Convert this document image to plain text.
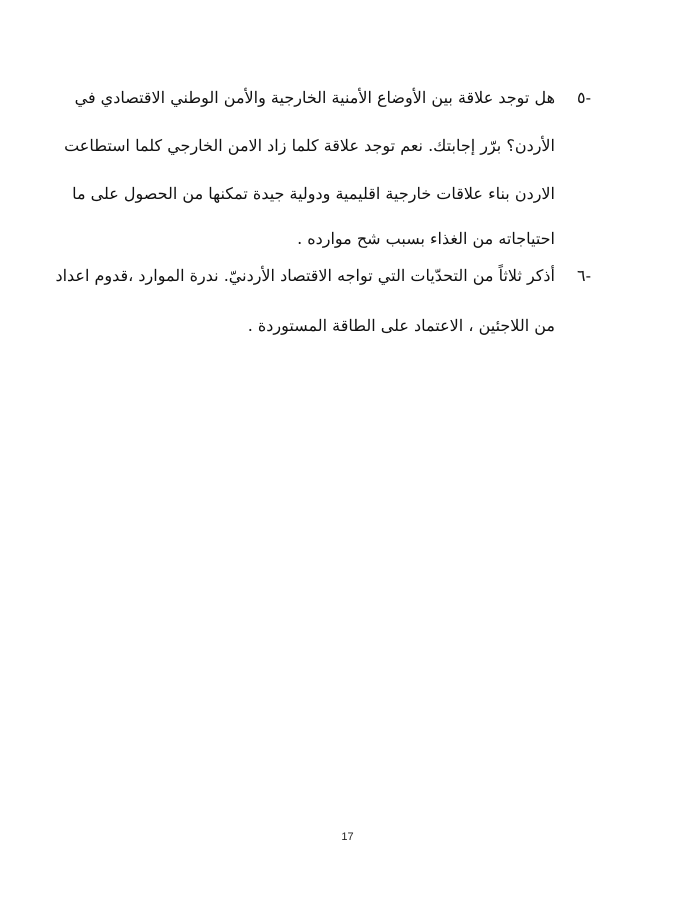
-٥
هل توجد علاقة بين الأوضاع الأمنية الخارجية والأمن الوطني الاقتصادي في
الأردن؟ برّر إجابتك. نعم توجد علاقة كلما زاد الامن الخارجي كلما استطاعت
الاردن بناء علاقات خارجية اقليمية ودولية جيدة تمكنها من الحصول على ما
احتياجاته من الغذاء بسبب شح موارده .
-٦
أذكر ثلاثاً من التحدّيات التي تواجه الاقتصاد الأردنيّ. ندرة الموارد ،قدوم اعداد
من اللاجئين ، الاعتماد على الطاقة المستوردة .
17
